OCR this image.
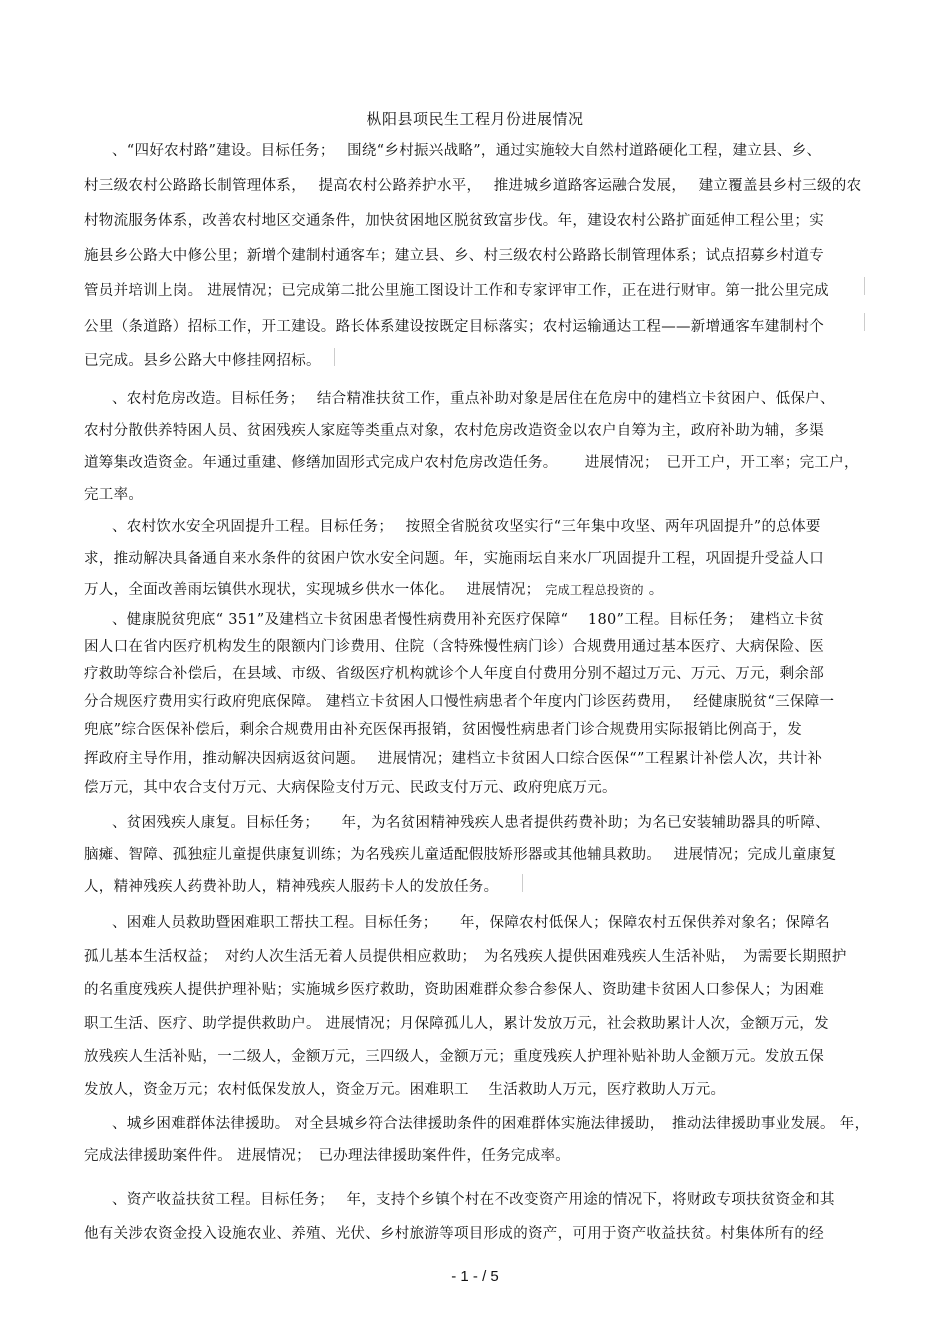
枞阳县项民生工程月份进展情况
、“四好农村路”建设。目标任务；　 围绕“乡村振兴战略”，通过实施较大自然村道路硬化工程，建立县、乡、
村三级农村公路路长制管理体系，　 提高农村公路养护水平，　 推进城乡道路客运融合发展，　 建立覆盖县乡村三级的农
村物流服务体系，改善农村地区交通条件，加快贫困地区脱贫致富步伐。年，建设农村公路扩面延伸工程公里；实
施县乡公路大中修公里；新增个建制村通客车；建立县、乡、村三级农村公路路长制管理体系；试点招募乡村道专
管员并培训上岗。 进展情况；已完成第二批公里施工图设计工作和专家评审工作，正在进行财审。第一批公里完成
公里（条道路）招标工作，开工建设。路长体系建设按既定目标落实；农村运输通达工程——新增通客车建制村个
已完成。县乡公路大中修挂网招标。
、农村危房改造。目标任务；　 结合精准扶贫工作，重点补助对象是居住在危房中的建档立卡贫困户、低保户、
农村分散供养特困人员、贫困残疾人家庭等类重点对象，农村危房改造资金以农户自筹为主，政府补助为辅，多渠
道筹集改造资金。年通过重建、修缮加固形式完成户农村危房改造任务。　 　进展情况；　已开工户，开工率；完工户，
完工率。
、农村饮水安全巩固提升工程。目标任务；　 按照全省脱贫攻坚实行“三年集中攻坚、两年巩固提升”的总体要
求，推动解决具备通自来水条件的贫困户饮水安全问题。年，实施雨坛自来水厂巩固提升工程，巩固提升受益人口
万人，全面改善雨坛镇供水现状，实现城乡供水一体化。　 进展情况； 完成工程总投资的 。
、健康脱贫兜底“ 351”及建档立卡贫困患者慢性病费用补充医疗保障“　 180”工程。目标任务；　建档立卡贫
困人口在省内医疗机构发生的限额内门诊费用、住院（含特殊慢性病门诊）合规费用通过基本医疗、大病保险、医
疗救助等综合补偿后，在县域、市级、省级医疗机构就诊个人年度自付费用分别不超过万元、万元、万元，剩余部
分合规医疗费用实行政府兜底保障。 建档立卡贫困人口慢性病患者个年度内门诊医药费用，　 经健康脱贫“三保障一
兜底”综合医保补偿后，剩余合规费用由补充医保再报销，贫困慢性病患者门诊合规费用实际报销比例高于，发
挥政府主导作用，推动解决因病返贫问题。　 进展情况；建档立卡贫困人口综合医保“”工程累计补偿人次，共计补
偿万元，其中农合支付万元、大病保险支付万元、民政支付万元、政府兜底万元。
、贫困残疾人康复。目标任务；　　年，为名贫困精神残疾人患者提供药费补助；为名已安装辅助器具的听障、
脑瘫、智障、孤独症儿童提供康复训练；为名残疾儿童适配假肢矫形器或其他辅具救助。　 进展情况；完成儿童康复
人，精神残疾人药费补助人，精神残疾人服药卡人的发放任务。
、困难人员救助暨困难职工帮扶工程。目标任务；　　年，保障农村低保人；保障农村五保供养对象名；保障名
孤儿基本生活权益；　对约人次生活无着人员提供相应救助；　为名残疾人提供困难残疾人生活补贴，　为需要长期照护
的名重度残疾人提供护理补贴；实施城乡医疗救助，资助困难群众参合参保人、资助建卡贫困人口参保人；为困难
职工生活、医疗、助学提供救助户。 进展情况；月保障孤儿人，累计发放万元，社会救助累计人次，金额万元，发
放残疾人生活补贴，一二级人，金额万元，三四级人，金额万元；重度残疾人护理补贴补助人金额万元。发放五保
发放人，资金万元；农村低保发放人，资金万元。困难职工　 生活救助人万元，医疗救助人万元。
、城乡困难群体法律援助。 对全县城乡符合法律援助条件的困难群体实施法律援助，　推动法律援助事业发展。 年，
完成法律援助案件件。 进展情况；　已办理法律援助案件件，任务完成率。
、资产收益扶贫工程。目标任务；　 年，支持个乡镇个村在不改变资产用途的情况下，将财政专项扶贫资金和其
他有关涉农资金投入设施农业、养殖、光伏、乡村旅游等项目形成的资产，可用于资产收益扶贫。村集体所有的经
- 1 - / 5
